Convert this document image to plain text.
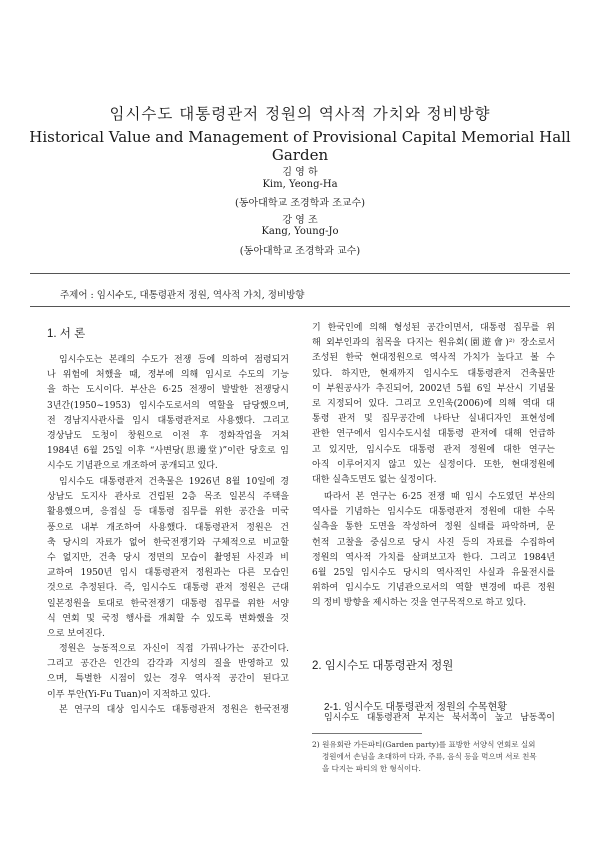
임시수도 대통령관저 정원의 역사적 가치와 정비방향
Historical Value and Management of Provisional Capital Memorial Hall Garden
김 영 하
Kim, Yeong-Ha
(동아대학교 조경학과 조교수)
강 영 조
Kang, Young-Jo
(동아대학교 조경학과 교수)
주제어 : 임시수도, 대통령관저 정원, 역사적 가치, 정비방향
1. 서 론
임시수도는 본래의 수도가 전쟁 등에 의하여 점령되거
나 위험에 처했을 때, 정부에 의해 임시로 수도의 기능
을 하는 도시이다. 부산은 6·25 전쟁이 발발한 전쟁당시
3년간(1950~1953) 임시수도로서의 역할을 담당했으며,
전 경남지사관사를 임시 대통령관저로 사용했다. 그리고
경상남도 도청이 창원으로 이전 후 정화작업을 거쳐
1984년 6월 25일 이후 “사변당(思邊堂)”이란 당호로 임
시수도 기념관으로 개조하여 공개되고 있다.
임시수도 대통령관저 건축물은 1926년 8월 10일에 경
상남도 도지사 관사로 건립된 2층 목조 일본식 주택을
활용했으며, 응접실 등 대통령 집무를 위한 공간을 미국
풍으로 내부 개조하여 사용했다. 대통령관저 정원은 건
축 당시의 자료가 없어 한국전쟁기와 구체적으로 비교할
수 없지만, 건축 당시 정면의 모습이 촬영된 사진과 비
교하여 1950년 임시 대통령관저 정원과는 다른 모습인
것으로 추정된다. 즉, 임시수도 대통령 관저 정원은 근대
일본정원을 토대로 한국전쟁기 대통령 집무를 위한 서양
식 연회 및 국정 행사를 개최할 수 있도록 변화했을 것
으로 보여진다.
정원은 능동적으로 자신이 직접 가꿔나가는 공간이다.
그리고 공간은 인간의 감각과 지성의 질을 반영하고 있
으며, 특별한 시점이 있는 경우 역사적 공간이 된다고
이푸 투안(Yi-Fu Tuan)이 지적하고 있다.
본 연구의 대상 임시수도 대통령관저 정원은 한국전쟁
기 한국인에 의해 형성된 공간이면서, 대통령 집무를 위
해 외부인과의 칩목을 다지는 원유회(園遊會)²⁾ 장소로서
조성된 한국 현대정원으로 역사적 가치가 높다고 볼 수
있다. 하지만, 현재까지 임시수도 대통령관저 건축물만
이 부원공사가 추진되어, 2002년 5월 6일 부산시 기념물
로 지정되어 있다. 그리고 오인욱(2006)에 의해 역대 대
통령 관저 및 집무공간에 나타난 실내디자인 표현성에
관한 연구에서 임시수도시설 대통령 관저에 대해 언급하
고 있지만, 임시수도 대통령 관저 정원에 대한 연구는
아직 이루어지지 않고 있는 실정이다. 또한, 현대정원에
대한 실측도면도 없는 실정이다.
따라서 본 연구는 6·25 전쟁 때 임시 수도였던 부산의
역사를 기념하는 임시수도 대통령관저 정원에 대한 수목
실측을 통한 도면을 작성하여 정원 실태를 파악하며, 문
헌적 고찰을 중심으로 당시 사진 등의 자료를 수집하여
정원의 역사적 가치를 살펴보고자 한다. 그리고 1984년
6월 25일 임시수도 당시의 역사적인 사실과 유물전시를
위하여 임시수도 기념관으로서의 역할 변경에 따른 정원
의 정비 방향을 제시하는 것을 연구목적으로 하고 있다.
2. 임시수도 대통령관저 정원
2-1. 임시수도 대통령관저 정원의 수목현황
임시수도 대통령관저 부지는 북서쪽이 높고 남동쪽이
2) 원유회란 가든파티(Garden party)를 표방한 서양식 연회로 실외
정원에서 손님을 초대하여 다과, 주류, 음식 등을 먹으며 서로 친목
을 다지는 파티의 한 형식이다.
